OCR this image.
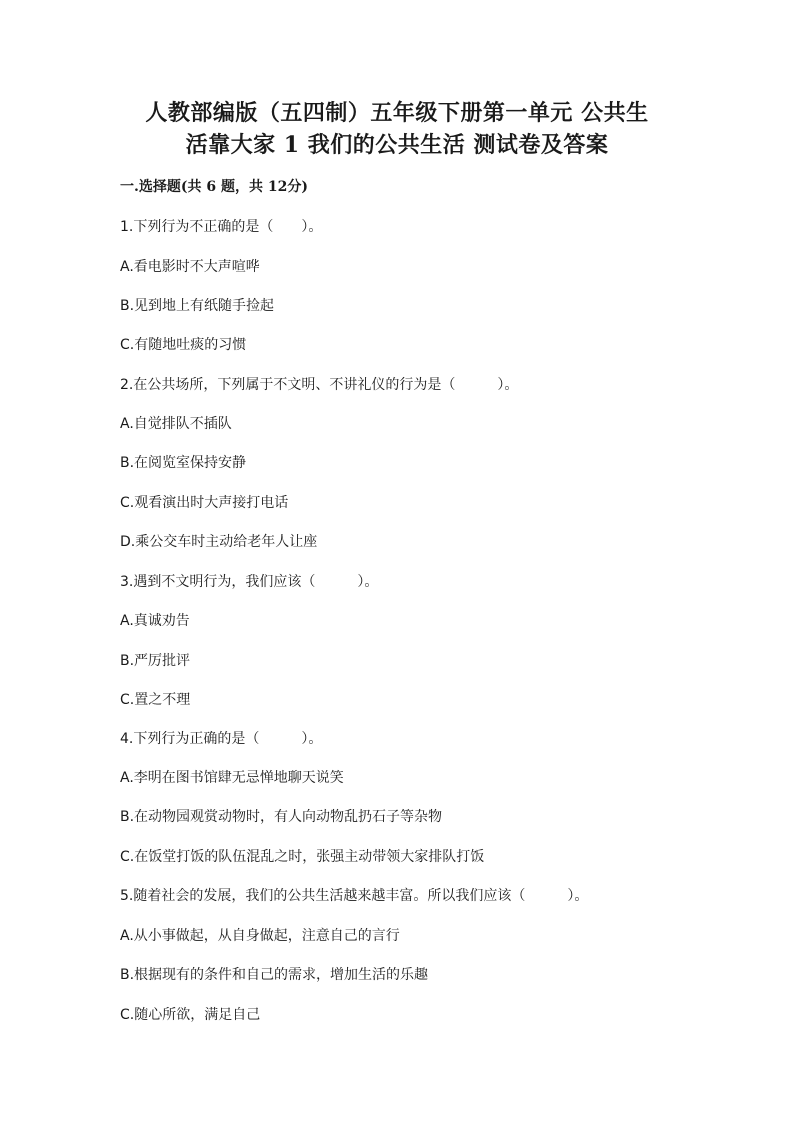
人教部编版（五四制）五年级下册第一单元 公共生
活靠大家 1 我们的公共生活 测试卷及答案
一.选择题(共 6 题，共 12分)
1.下列行为不正确的是（　　）。
A.看电影时不大声喧哗
B.见到地上有纸随手捡起
C.有随地吐痰的习惯
2.在公共场所，下列属于不文明、不讲礼仪的行为是（　　　）。
A.自觉排队不插队
B.在阅览室保持安静
C.观看演出时大声接打电话
D.乘公交车时主动给老年人让座
3.遇到不文明行为，我们应该（　　　）。
A.真诚劝告
B.严厉批评
C.置之不理
4.下列行为正确的是（　　　）。
A.李明在图书馆肆无忌惮地聊天说笑
B.在动物园观赏动物时，有人向动物乱扔石子等杂物
C.在饭堂打饭的队伍混乱之时，张强主动带领大家排队打饭
5.随着社会的发展，我们的公共生活越来越丰富。所以我们应该（　　　）。
A.从小事做起，从自身做起，注意自己的言行
B.根据现有的条件和自己的需求，增加生活的乐趣
C.随心所欲，满足自己
